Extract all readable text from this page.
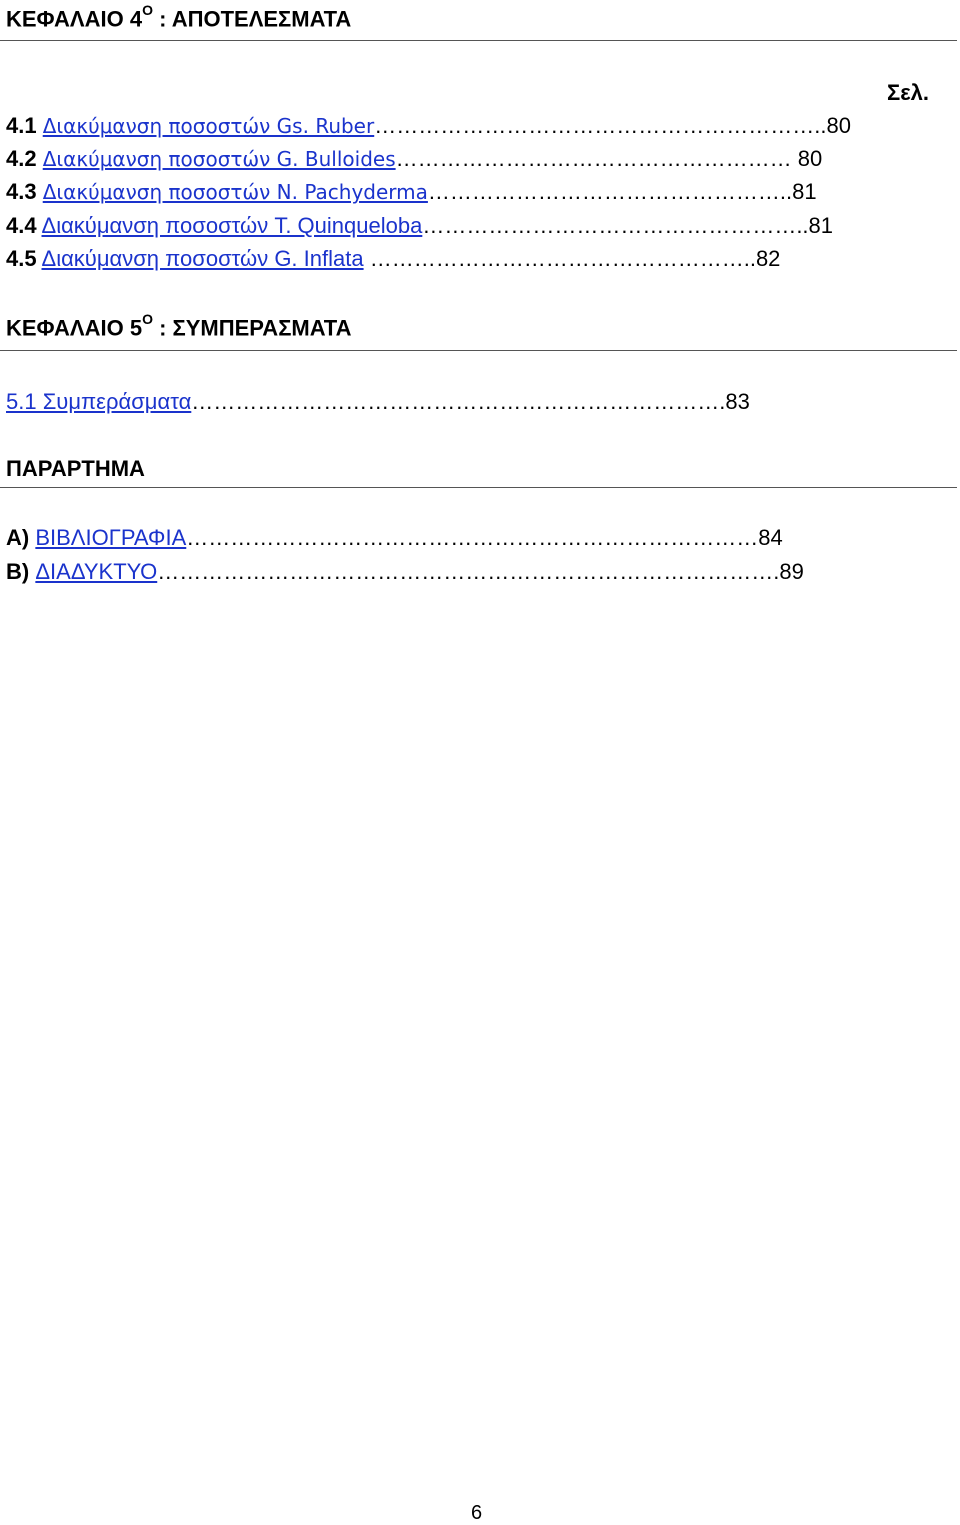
ΚΕΦΑΛΑΙΟ $4^O$ : ΑΠΟΤΕΛΕΣΜΑΤΑ
Σελ.
4.1 Διακύμανση ποσοστών Gs. Ruber……………………………………………………..80
4.2 Διακύμανση ποσοστών G. Bulloides……………………………………………… 80
4.3 Διακύμανση ποσοστών N. Pachyderma…………………………………………..81
4.4 Διακύμανση ποσοστών T. Quinqueloba……………………………………………..81
4.5 Διακύμανση ποσοστών G. Inflata ……………………………………………..82
ΚΕΦΑΛΑΙΟ $5^O$ : ΣΥΜΠΕΡΑΣΜΑΤΑ
5.1 Συμπεράσματα……………………………………………………………….83
ΠΑΡΑΡΤΗΜΑ
A) ΒΙΒΛΙΟΓΡΑΦΙΑ……………………………………………………………………84
B) ΔΙΑΔΥΚΤΥΟ………………………………………………………………………….89
6
